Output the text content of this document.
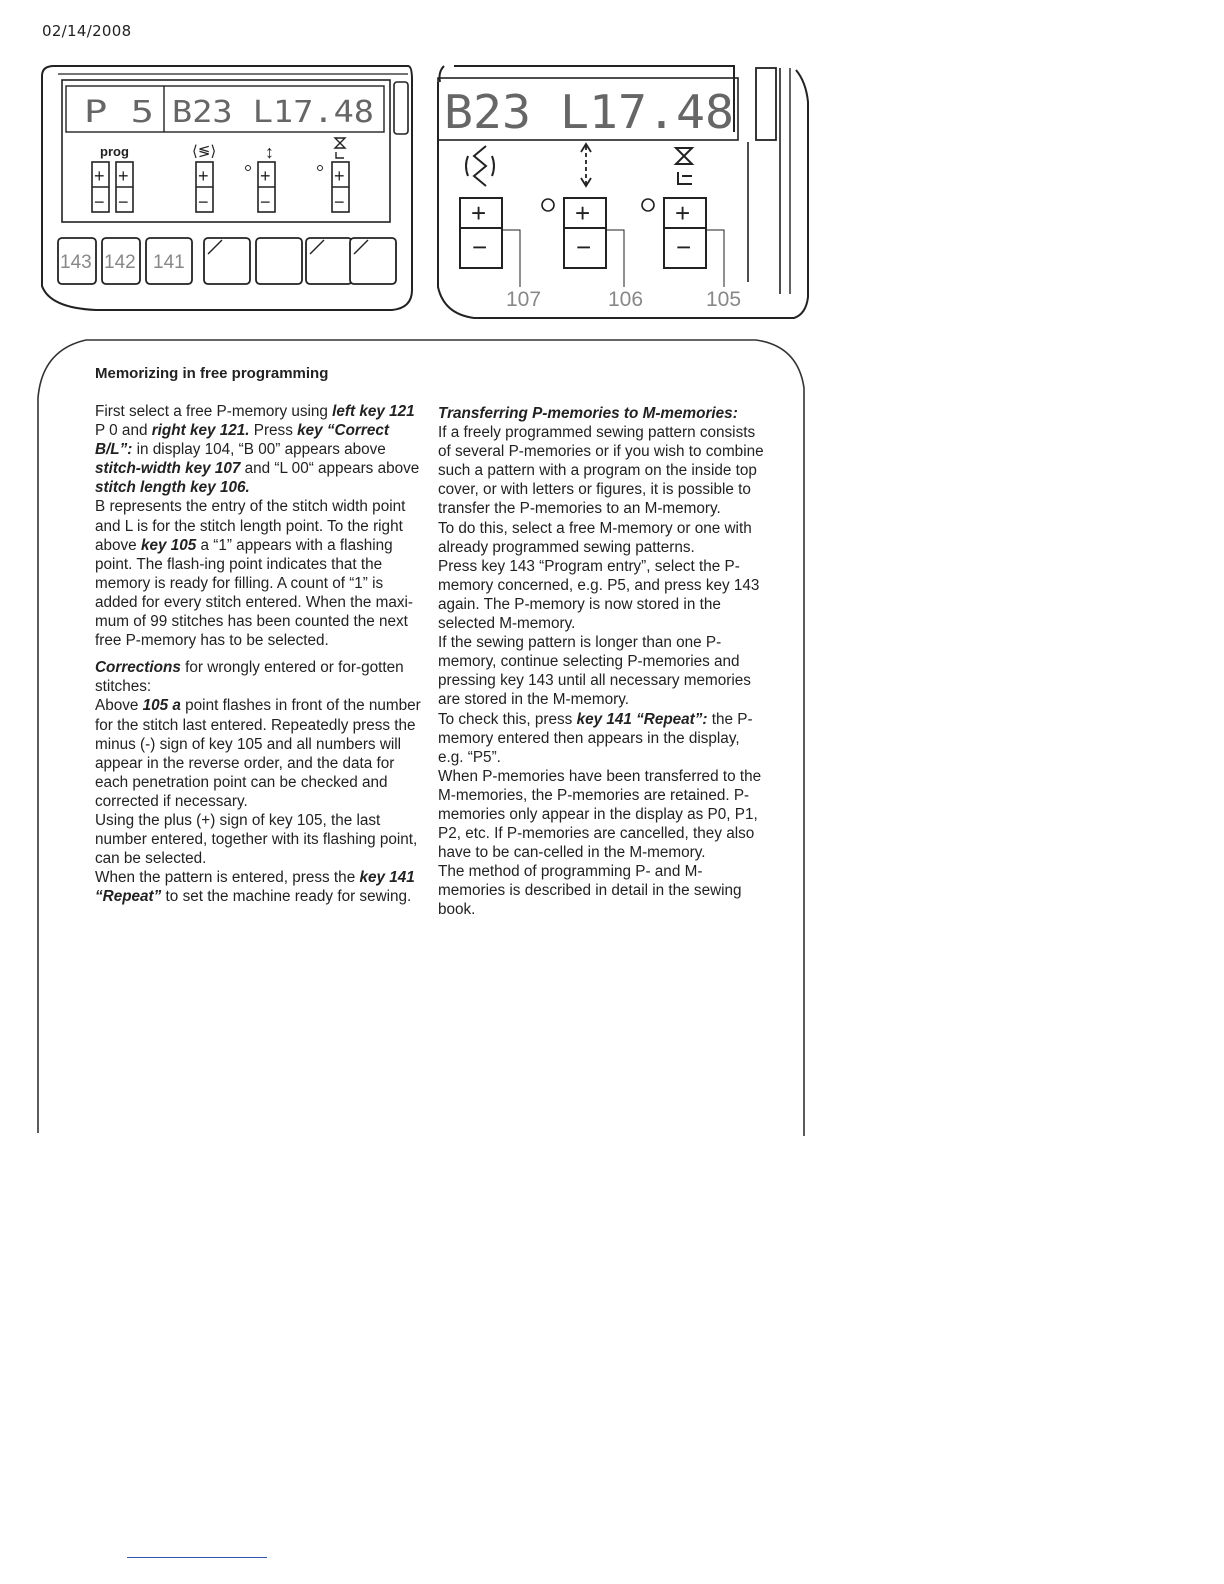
02/14/2008
P 5 B23 L17.48
prog	⟨≶⟩	↕
+
−
+
−
+
−
+
−
+
−
143 142 141
B23 L17.48
+
−
+
−
+
−
107	106	105
Memorizing in free programming

First select a free P-memory using left key 121 P 0 and right key 121. Press key “Correct B/L”: in display 104, “B 00” appears above stitch-width key 107 and “L 00“ appears above stitch length key 106.

B represents the entry of the stitch width point and L is for the stitch length point. To the right above key 105 a “1” appears with a flashing point. The flash-ing point indicates that the memory is ready for filling. A count of “1” is added for every stitch entered. When the maxi-mum of 99 stitches has been counted the next free P-memory has to be selected.

Corrections for wrongly entered or for-gotten stitches:

Above 105 a point flashes in front of the number for the stitch last entered. Repeatedly press the minus (-) sign of key 105 and all numbers will appear in the reverse order, and the data for each penetration point can be checked and corrected if necessary.

Using the plus (+) sign of key 105, the last number entered, together with its flashing point, can be selected.

When the pattern is entered, press the key 141 “Repeat” to set the machine ready for sewing.

Transferring P-memories to M-memories:

If a freely programmed sewing pattern consists of several P-memories or if you wish to combine such a pattern with a program on the inside top cover, or with letters or figures, it is possible to transfer the P-memories to an M-memory.

To do this, select a free M-memory or one with already programmed sewing patterns.

Press key 143 “Program entry”, select the P-memory concerned, e.g. P5, and press key 143 again. The P-memory is now stored in the selected M-memory.

If the sewing pattern is longer than one P-memory, continue selecting P-memories and pressing key 143 until all necessary memories are stored in the M-memory.

To check this, press key 141 “Repeat”: the P-memory entered then appears in the display, e.g. “P5”.

When P-memories have been transferred to the M-memories, the P-memories are retained. P-memories only appear in the display as P0, P1, P2, etc. If P-memories are cancelled, they also have to be can-celled in the M-memory.

The method of programming P- and M-memories is described in detail in the sewing book.
